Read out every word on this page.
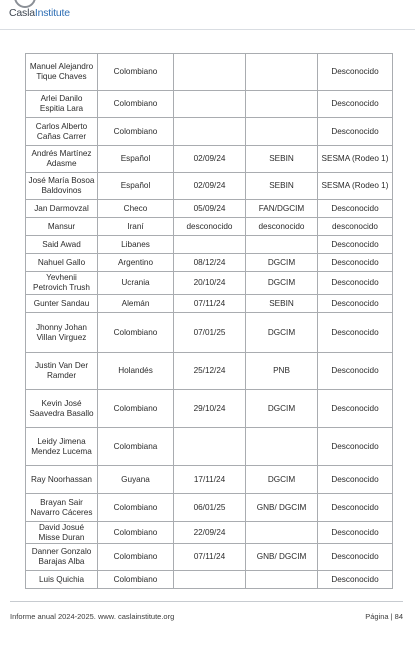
CaslaInstitute
Manuel Alejandro Tique Chaves	Colombiano			Desconocido
Arlei Danilo Espitia Lara	Colombiano			Desconocido
Carlos Alberto Cañas Carrer	Colombiano			Desconocido
Andrés Martínez Adasme	Español	02/09/24	SEBIN	SESMA (Rodeo 1)
José María Bosoa Baldovinos	Español	02/09/24	SEBIN	SESMA (Rodeo 1)
Jan Darmovzal	Checo	05/09/24	FAN/DGCIM	Desconocido
Mansur	Iraní	desconocido	desconocido	desconocido
Said Awad	Libanes			Desconocido
Nahuel Gallo	Argentino	08/12/24	DGCIM	Desconocido
Yevhenii Petrovich Trush	Ucrania	20/10/24	DGCIM	Desconocido
Gunter Sandau	Alemán	07/11/24	SEBIN	Desconocido
Jhonny Johan Villan Virguez	Colombiano	07/01/25	DGCIM	Desconocido
Justin Van Der Ramder	Holandés	25/12/24	PNB	Desconocido
Kevin José Saavedra Basallo	Colombiano	29/10/24	DGCIM	Desconocido
Leidy Jimena Mendez Lucema	Colombiana			Desconocido
Ray Noorhassan	Guyana	17/11/24	DGCIM	Desconocido
Brayan Sair Navarro Cáceres	Colombiano	06/01/25	GNB/ DGCIM	Desconocido
David Josué Misse Duran	Colombiano	22/09/24		Desconocido
Danner Gonzalo Barajas Alba	Colombiano	07/11/24	GNB/ DGCIM	Desconocido
Luis Quichia	Colombiano			Desconocido
Informe anual 2024-2025. www. caslainstitute.org	Página | 84
